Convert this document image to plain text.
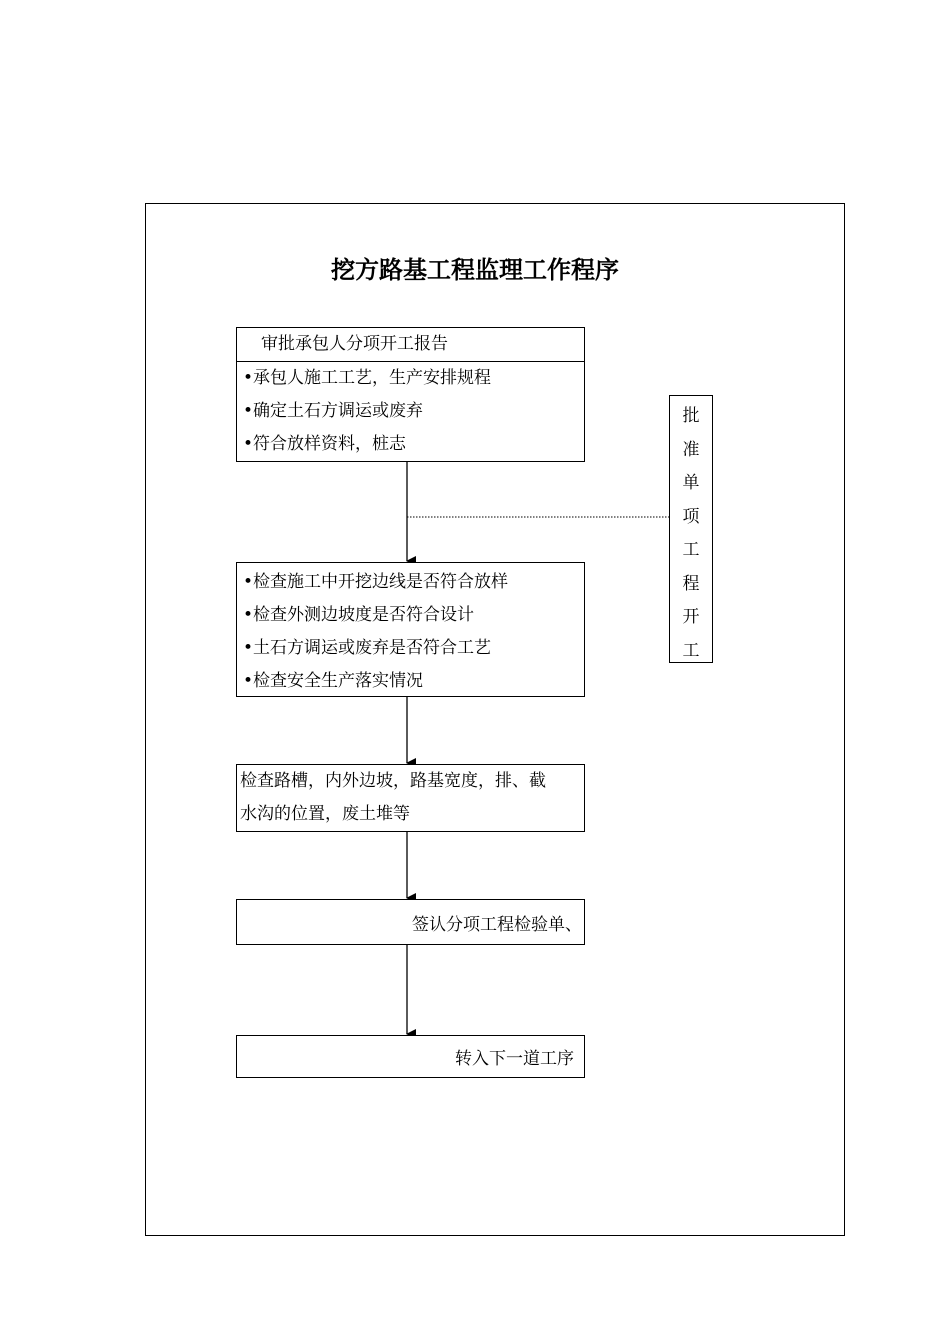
挖方路基工程监理工作程序
审批承包人分项开工报告
•承包人施工工艺，生产安排规程
•确定土石方调运或废弃
•符合放样资料，桩志
•检查施工中开挖边线是否符合放样
•检查外测边坡度是否符合设计
•土石方调运或废弃是否符合工艺
•检查安全生产落实情况
检查路槽，内外边坡，路基宽度，排、截
水沟的位置，废土堆等
签认分项工程检验单、
转入下一道工序
批
准
单
项
工
程
开
工
